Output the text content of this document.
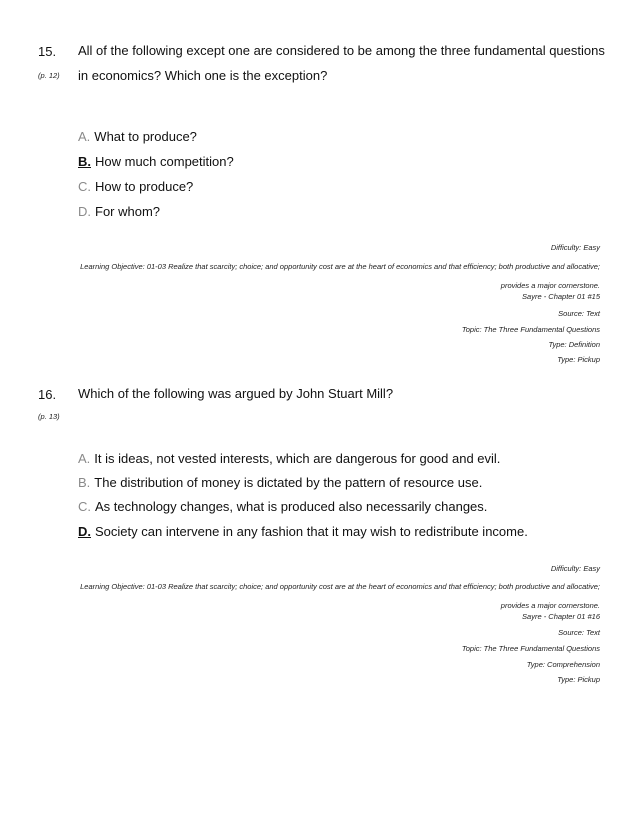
15.
(p. 12)
All of the following except one are considered to be among the three fundamental questions in economics? Which one is the exception?
A. What to produce?
B. How much competition?
C. How to produce?
D. For whom?
Difficulty: Easy
Learning Objective: 01-03 Realize that scarcity; choice; and opportunity cost are at the heart of economics and that efficiency; both productive and allocative; provides a major cornerstone.
Sayre - Chapter 01 #15
Source: Text
Topic: The Three Fundamental Questions
Type: Definition
Type: Pickup
16.
(p. 13)
Which of the following was argued by John Stuart Mill?
A. It is ideas, not vested interests, which are dangerous for good and evil.
B. The distribution of money is dictated by the pattern of resource use.
C. As technology changes, what is produced also necessarily changes.
D. Society can intervene in any fashion that it may wish to redistribute income.
Difficulty: Easy
Learning Objective: 01-03 Realize that scarcity; choice; and opportunity cost are at the heart of economics and that efficiency; both productive and allocative; provides a major cornerstone.
Sayre - Chapter 01 #16
Source: Text
Topic: The Three Fundamental Questions
Type: Comprehension
Type: Pickup
